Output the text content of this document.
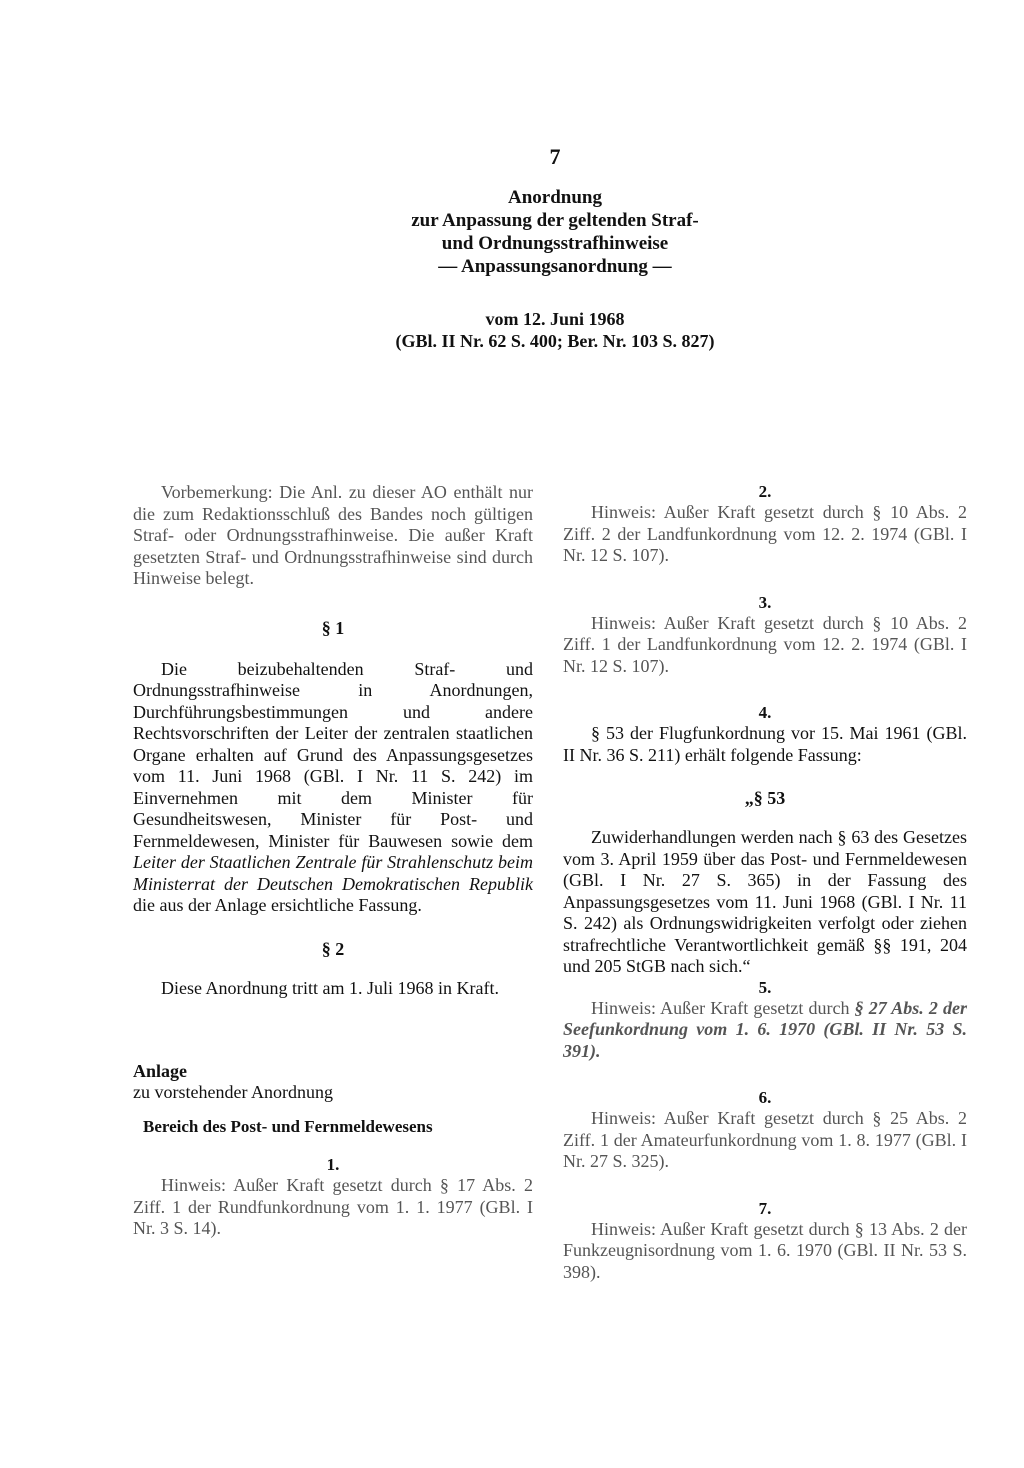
7

Anordnung

zur Anpassung der geltenden Straf-

und Ordnungsstrafhinweise

— Anpassungsanordnung —

vom 12. Juni 1968

(GBl. II Nr. 62 S. 400; Ber. Nr. 103 S. 827)

Vorbemerkung: Die Anl. zu dieser AO enthält nur die zum Redaktionsschluß des Bandes noch gültigen Straf- oder Ordnungsstrafhinweise. Die außer Kraft gesetzten Straf- und Ordnungsstrafhinweise sind durch Hinweise belegt.

§ 1

Die beizubehaltenden Straf- und Ordnungsstrafhinweise in Anordnungen, Durchführungsbestimmungen und andere Rechtsvorschriften der Leiter der zentralen staatlichen Organe erhalten auf Grund des Anpassungsgesetzes vom 11. Juni 1968 (GBl. I Nr. 11 S. 242) im Einvernehmen mit dem Minister für Gesundheitswesen, Minister für Post- und Fernmeldewesen, Minister für Bauwesen sowie dem Leiter der Staatlichen Zentrale für Strahlenschutz beim Ministerrat der Deutschen Demokratischen Republik die aus der Anlage ersichtliche Fassung.

§ 2

Diese Anordnung tritt am 1. Juli 1968 in Kraft.

Anlage

zu vorstehender Anordnung

Bereich des Post- und Fernmeldewesens

1.

Hinweis: Außer Kraft gesetzt durch § 17 Abs. 2 Ziff. 1 der Rundfunkordnung vom 1. 1. 1977 (GBl. I Nr. 3 S. 14).

2.

Hinweis: Außer Kraft gesetzt durch § 10 Abs. 2 Ziff. 2 der Landfunkordnung vom 12. 2. 1974 (GBl. I Nr. 12 S. 107).

3.

Hinweis: Außer Kraft gesetzt durch § 10 Abs. 2 Ziff. 1 der Landfunkordnung vom 12. 2. 1974 (GBl. I Nr. 12 S. 107).

4.

§ 53 der Flugfunkordnung vor 15. Mai 1961 (GBl. II Nr. 36 S. 211) erhält folgende Fassung:

„§ 53

Zuwiderhandlungen werden nach § 63 des Gesetzes vom 3. April 1959 über das Post- und Fernmeldewesen (GBl. I Nr. 27 S. 365) in der Fassung des Anpassungsgesetzes vom 11. Juni 1968 (GBl. I Nr. 11 S. 242) als Ordnungswidrigkeiten verfolgt oder ziehen strafrechtliche Verantwortlichkeit gemäß §§ 191, 204 und 205 StGB nach sich.“

5.

Hinweis: Außer Kraft gesetzt durch § 27 Abs. 2 der Seefunkordnung vom 1. 6. 1970 (GBl. II Nr. 53 S. 391).

6.

Hinweis: Außer Kraft gesetzt durch § 25 Abs. 2 Ziff. 1 der Amateurfunkordnung vom 1. 8. 1977 (GBl. I Nr. 27 S. 325).

7.

Hinweis: Außer Kraft gesetzt durch § 13 Abs. 2 der Funkzeugnisordnung vom 1. 6. 1970 (GBl. II Nr. 53 S. 398).
